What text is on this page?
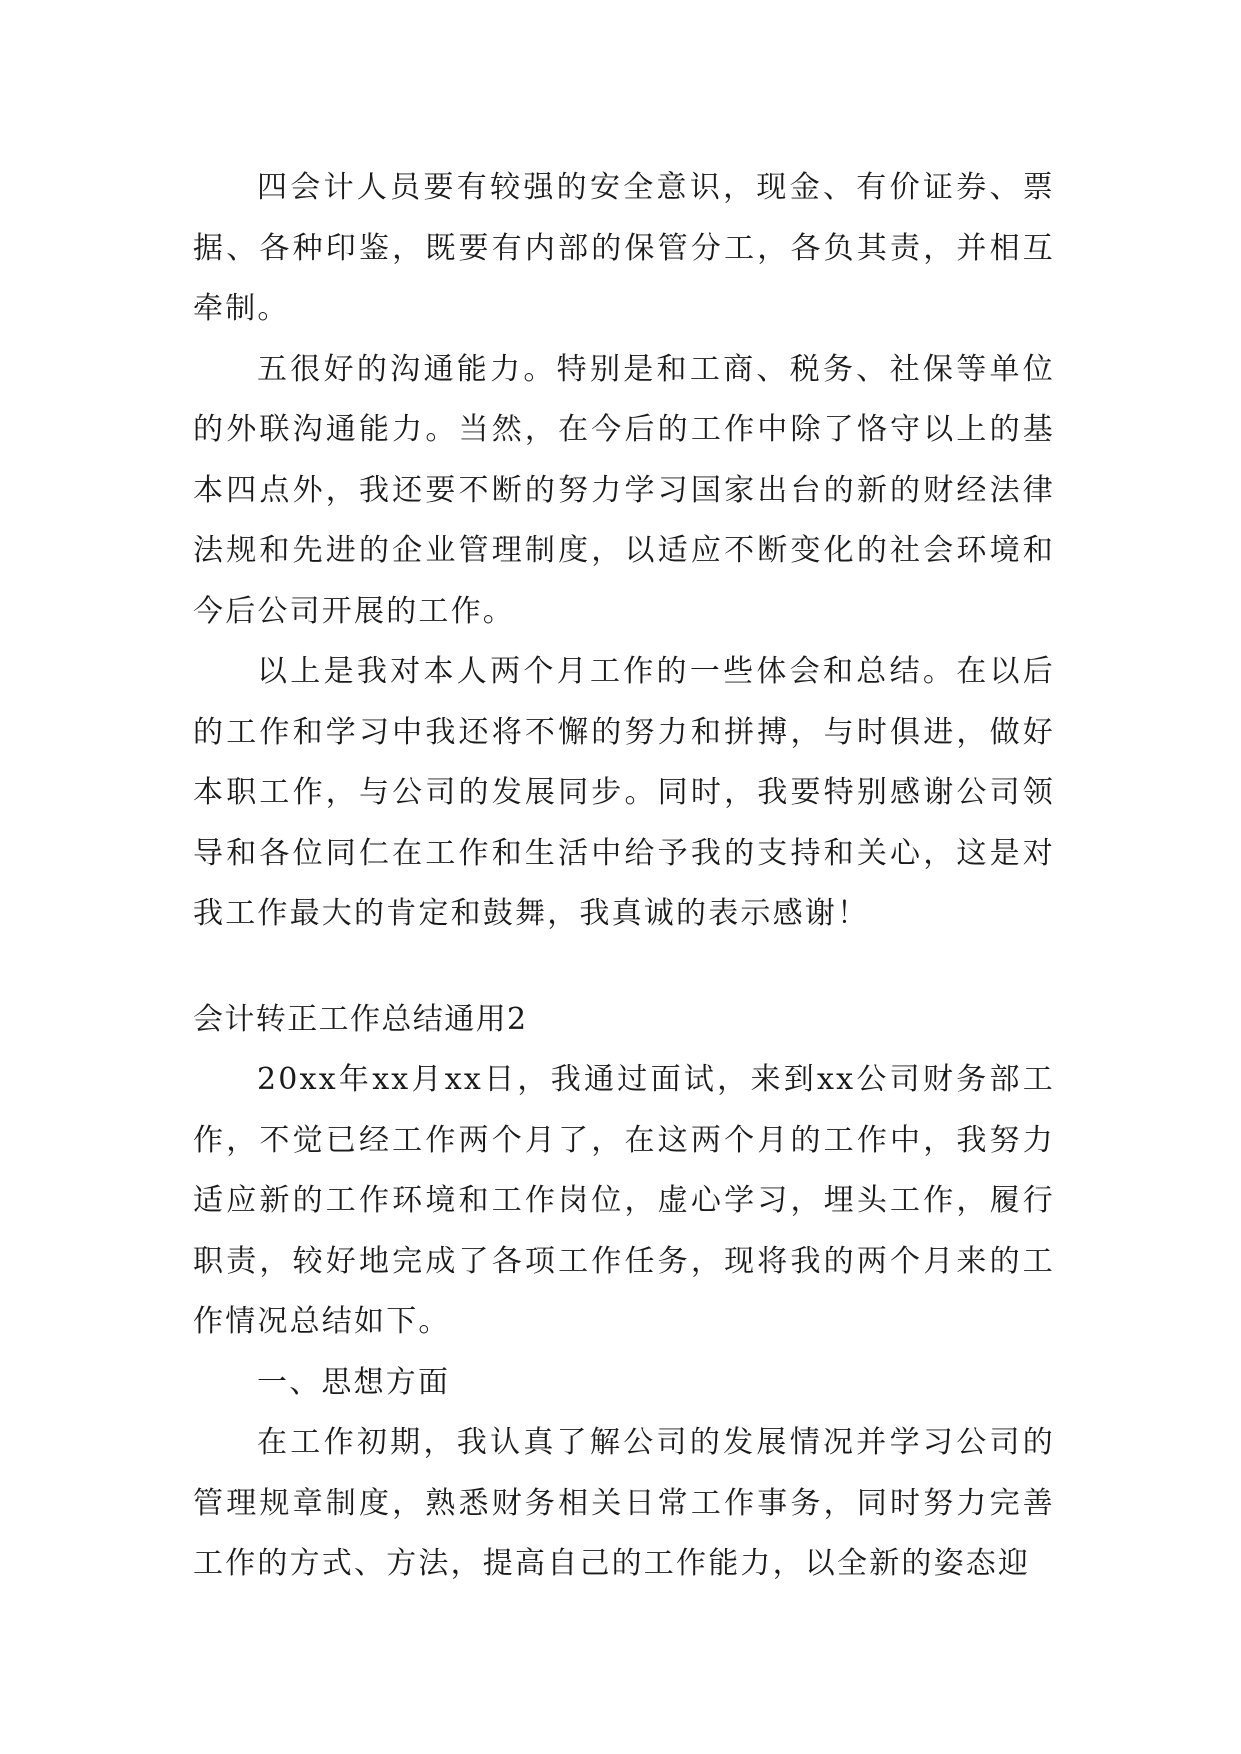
四会计人员要有较强的安全意识，现金、有价证券、票据、各种印鉴，既要有内部的保管分工，各负其责，并相互牵制。

五很好的沟通能力。特别是和工商、税务、社保等单位的外联沟通能力。当然，在今后的工作中除了恪守以上的基本四点外，我还要不断的努力学习国家出台的新的财经法律法规和先进的企业管理制度，以适应不断变化的社会环境和今后公司开展的工作。

以上是我对本人两个月工作的一些体会和总结。在以后的工作和学习中我还将不懈的努力和拼搏，与时俱进，做好本职工作，与公司的发展同步。同时，我要特别感谢公司领导和各位同仁在工作和生活中给予我的支持和关心，这是对我工作最大的肯定和鼓舞，我真诚的表示感谢！

会计转正工作总结通用2

20xx年xx月xx日，我通过面试，来到xx公司财务部工作，不觉已经工作两个月了，在这两个月的工作中，我努力适应新的工作环境和工作岗位，虚心学习，埋头工作，履行职责，较好地完成了各项工作任务，现将我的两个月来的工作情况总结如下。

一、思想方面

在工作初期，我认真了解公司的发展情况并学习公司的管理规章制度，熟悉财务相关日常工作事务，同时努力完善工作的方式、方法，提高自己的工作能力，以全新的姿态迎
